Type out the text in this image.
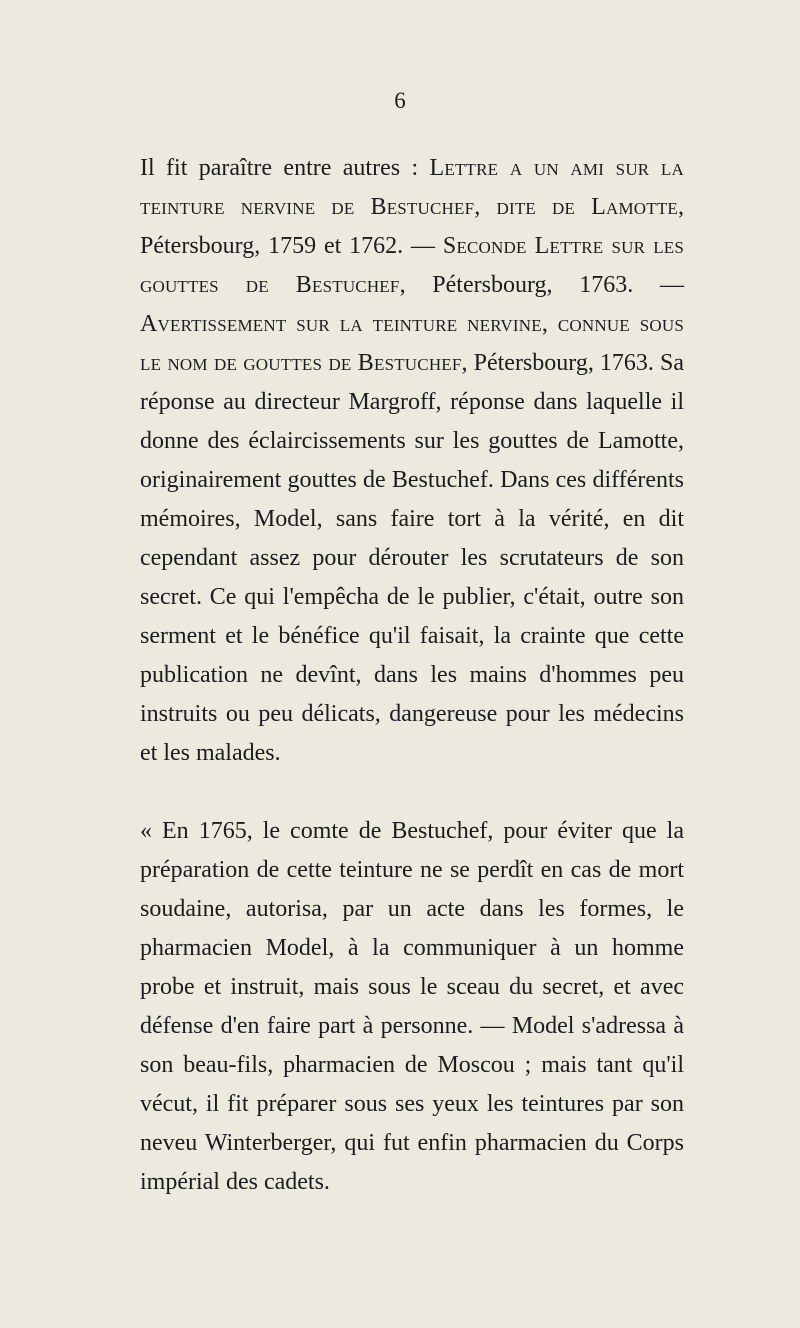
6

Il fit paraître entre autres : Lettre a un ami sur la teinture nervine de Bestuchef, dite de Lamotte, Pétersbourg, 1759 et 1762. — Seconde Lettre sur les gouttes de Bestuchef, Pétersbourg, 1763. — Avertissement sur la teinture nervine, connue sous le nom de gouttes de Bestuchef, Pétersbourg, 1763. Sa réponse au directeur Margroff, réponse dans laquelle il donne des éclaircissements sur les gouttes de Lamotte, originairement gouttes de Bestuchef. Dans ces différents mémoires, Model, sans faire tort à la vérité, en dit cependant assez pour dérouter les scrutateurs de son secret. Ce qui l'empêcha de le publier, c'était, outre son serment et le bénéfice qu'il faisait, la crainte que cette publication ne devînt, dans les mains d'hommes peu instruits ou peu délicats, dangereuse pour les médecins et les malades.

« En 1765, le comte de Bestuchef, pour éviter que la préparation de cette teinture ne se perdît en cas de mort soudaine, autorisa, par un acte dans les formes, le pharmacien Model, à la communiquer à un homme probe et instruit, mais sous le sceau du secret, et avec défense d'en faire part à personne. — Model s'adressa à son beau-fils, pharmacien de Moscou ; mais tant qu'il vécut, il fit préparer sous ses yeux les teintures par son neveu Winterberger, qui fut enfin pharmacien du Corps impérial des cadets.
